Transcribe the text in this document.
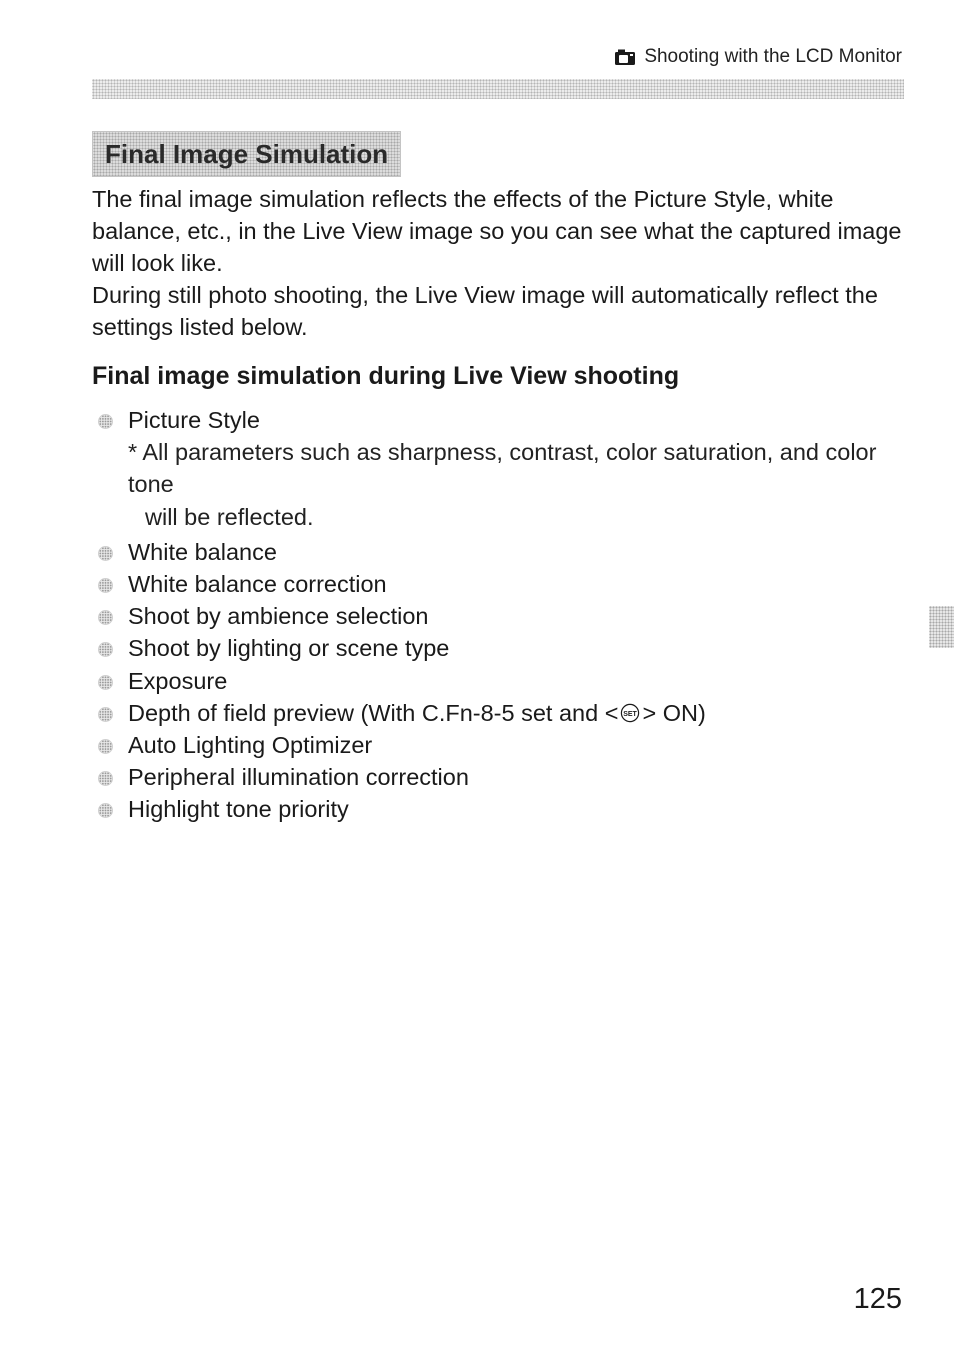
Shooting with the LCD Monitor
Final Image Simulation

The final image simulation reflects the effects of the Picture Style, white balance, etc., in the Live View image so you can see what the captured image will look like.

During still photo shooting, the Live View image will automatically reflect the settings listed below.

Final image simulation during Live View shooting
Picture Style
* All parameters such as sharpness, contrast, color saturation, and color tone
will be reflected.
White balance
White balance correction
Shoot by ambience selection
Shoot by lighting or scene type
Exposure
Depth of field preview (With C.Fn-8-5 set and < SET > ON)
Auto Lighting Optimizer
Peripheral illumination correction
Highlight tone priority
125
